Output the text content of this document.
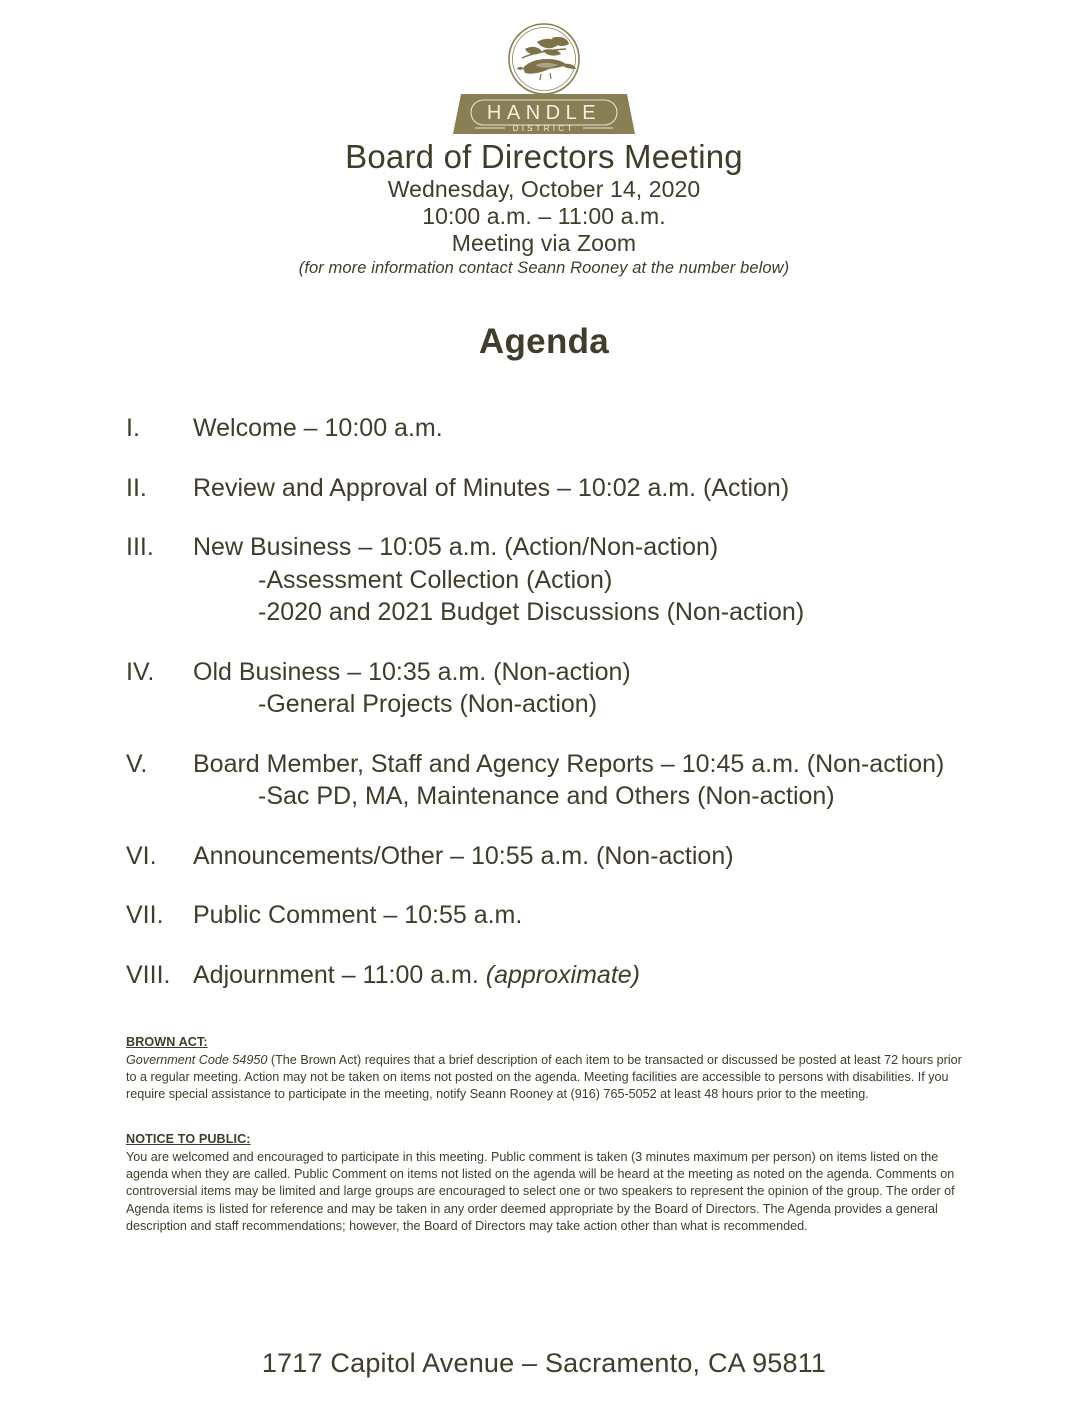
HANDLE
DISTRICT
Board of Directors Meeting
Wednesday, October 14, 2020
10:00 a.m. – 11:00 a.m.
Meeting via Zoom
(for more information contact Seann Rooney at the number below)
Agenda
I.	Welcome – 10:00 a.m.
II.	Review and Approval of Minutes – 10:02 a.m. (Action)
III.	New Business – 10:05 a.m. (Action/Non-action)
-Assessment Collection (Action)
-2020 and 2021 Budget Discussions (Non-action)
IV.	Old Business – 10:35 a.m. (Non-action)
-General Projects (Non-action)
V.	Board Member, Staff and Agency Reports – 10:45 a.m. (Non-action)
-Sac PD, MA, Maintenance and Others (Non-action)
VI.	Announcements/Other – 10:55 a.m. (Non-action)
VII.	Public Comment – 10:55 a.m.
VIII. Adjournment – 11:00 a.m. (approximate)
BROWN ACT:
Government Code 54950 (The Brown Act) requires that a brief description of each item to be transacted or discussed be posted at least 72 hours prior to a regular meeting. Action may not be taken on items not posted on the agenda. Meeting facilities are accessible to persons with disabilities. If you require special assistance to participate in the meeting, notify Seann Rooney at (916) 765-5052 at least 48 hours prior to the meeting.
NOTICE TO PUBLIC:
You are welcomed and encouraged to participate in this meeting. Public comment is taken (3 minutes maximum per person) on items listed on the agenda when they are called. Public Comment on items not listed on the agenda will be heard at the meeting as noted on the agenda. Comments on controversial items may be limited and large groups are encouraged to select one or two speakers to represent the opinion of the group. The order of Agenda items is listed for reference and may be taken in any order deemed appropriate by the Board of Directors. The Agenda provides a general description and staff recommendations; however, the Board of Directors may take action other than what is recommended.
1717 Capitol Avenue – Sacramento, CA 95811
